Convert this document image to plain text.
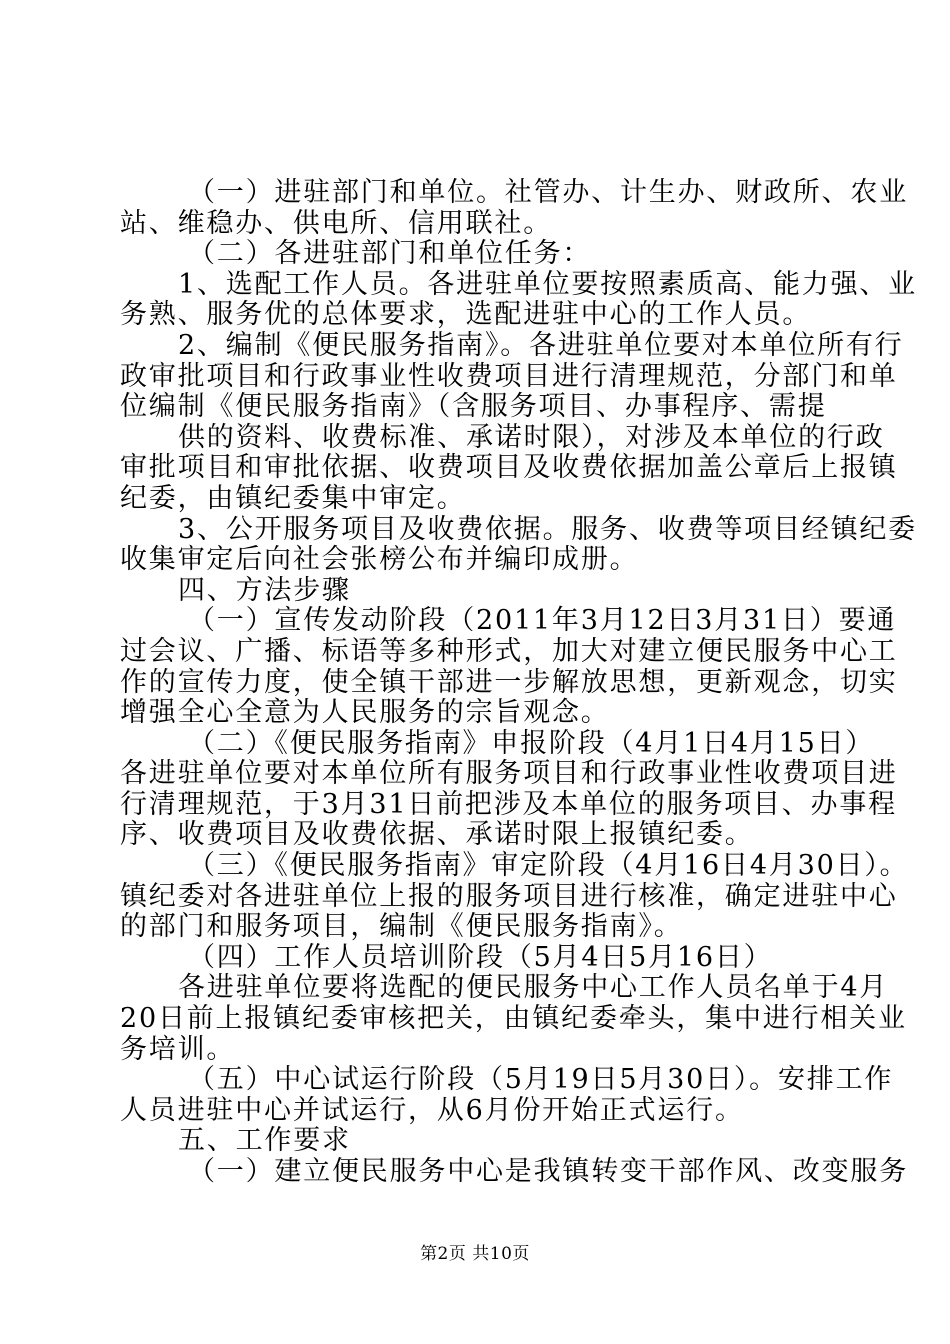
（一）进驻部门和单位。社管办、计生办、财政所、农业
站、维稳办、供电所、信用联社。
（二）各进驻部门和单位任务：
1、选配工作人员。各进驻单位要按照素质高、能力强、业
务熟、服务优的总体要求，选配进驻中心的工作人员。
2、编制《便民服务指南》。各进驻单位要对本单位所有行
政审批项目和行政事业性收费项目进行清理规范，分部门和单
位编制《便民服务指南》（含服务项目、办事程序、需提
供的资料、收费标准、承诺时限），对涉及本单位的行政
审批项目和审批依据、收费项目及收费依据加盖公章后上报镇
纪委，由镇纪委集中审定。
3、公开服务项目及收费依据。服务、收费等项目经镇纪委
收集审定后向社会张榜公布并编印成册。
四、方法步骤
（一）宣传发动阶段（2011年3月12日3月31日）要通
过会议、广播、标语等多种形式，加大对建立便民服务中心工
作的宣传力度，使全镇干部进一步解放思想，更新观念，切实
增强全心全意为人民服务的宗旨观念。
（二）《便民服务指南》申报阶段（4月1日4月15日）
各进驻单位要对本单位所有服务项目和行政事业性收费项目进
行清理规范，于3月31日前把涉及本单位的服务项目、办事程
序、收费项目及收费依据、承诺时限上报镇纪委。
（三）《便民服务指南》审定阶段（4月16日4月30日）。
镇纪委对各进驻单位上报的服务项目进行核准，确定进驻中心
的部门和服务项目，编制《便民服务指南》。
（四）工作人员培训阶段（5月4日5月16日）
各进驻单位要将选配的便民服务中心工作人员名单于4月
20日前上报镇纪委审核把关，由镇纪委牵头，集中进行相关业
务培训。
（五）中心试运行阶段（5月19日5月30日）。安排工作
人员进驻中心并试运行，从6月份开始正式运行。
五、工作要求
（一）建立便民服务中心是我镇转变干部作风、改变服务
第2页 共10页
